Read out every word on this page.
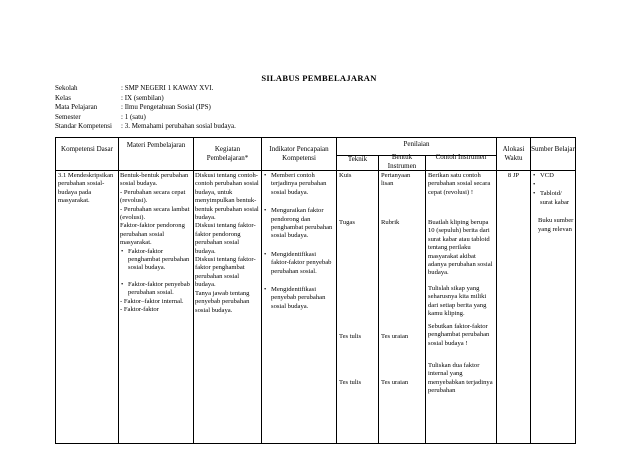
SILABUS PEMBELAJARAN
Sekolah	: SMP NEGERI 1 KAWAY XVI.
Kelas	: IX (sembilan)
Mata Pelajaran	: Ilmu Pengetahuan Sosial (IPS)
Semester	: 1 (satu)
Standar Kompetensi	: 3. Memahami perubahan sosial budaya.
Kompetensi Dasar	Materi Pembelajaran	Kegiatan Pembelajaran*
Indikator Pencapaian Kompetensi
Penilaian
Teknik	Bentuk Instrumen
Contoh Instrumen
Alokasi Waktu
Sumber Belajar
3.1 Mendeskripsikan perubahan sosial-budaya pada masyarakat.

Bentuk-bentuk perubahan sosial budaya.

- Perubahan secara cepat (revolusi).

- Perubahan secara lambat (evolusi).

Faktor-faktor pendorong perubahan sosial masyarakat.

• Faktor-faktor penghambat perubahan sosial budaya.
• Faktor-faktor penyebab perubahan sosial.

- Faktor–faktor internal.

- Faktor-faktor

Diskusi tentang contoh-contoh perubahan sosial budaya, untuk menyimpulkan bentuk-bentuk perubahan sosial budaya.

Diskusi tentang faktor-faktor pendorong perubahan sosial budaya.

Diskusi tentang faktor-faktor penghambat perubahan sosial budaya.

Tanya jawab tentang penyebab perubahan sosial budaya.

• Memberi contoh terjadinya perubahan sosial budaya.
• Menguraikan faktor pendorong dan penghambat perubahan sosial budaya.
• Mengidentifikasi faktor-faktor penyebab perubahan sosial.
• Mengidentifikasi penyebab perubahan sosial budaya.
Kuis
Tugas
Tes tulis
Tes tulis
Pertanyaan lisan
Rubrik
Tes uraian
Tes uraian
Berikan satu contoh perubahan sosial secara cepat (revolusi) !
Buatlah kliping berupa 10 (sepuluh) berita dari surat kabar atau tabloid tentang perilaku masyarakat akibat adanya perubahan sosial budaya.
Tulislah sikap yang seharusnya kita miliki dari setiap berita yang kamu kliping.
Sebutkan faktor-faktor penghambat perubahan sosial budaya !
Tuliskan dua faktor internal yang menyebabkan terjadinya perubahan
8 JP
•	VCD
•
• Tabloid/ surat kabar

Buku sumber yang relevan
